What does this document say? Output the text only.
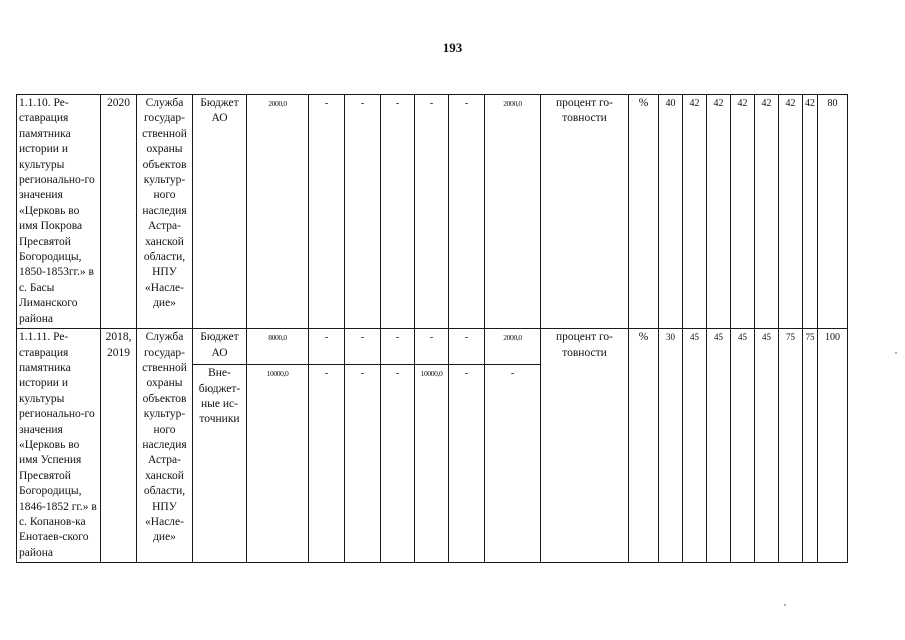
193
1.1.10. Ре-ставрация памятника истории и культуры регионально-го значения «Церковь во имя Покрова Пресвятой Богородицы, 1850-1853гг.» в с. Басы Лиманского района	2020	Служба государ-ственной охраны объектов культур-ного наследия Астра-ханской области, НПУ «Насле-дие»	Бюджет АО	2000,0	-	-	-	-	-	2000,0	процент го-товности	%	40	42	42	42	42	42	42	80
1.1.11. Ре-ставрация памятника истории и культуры регионально-го значения «Церковь во имя Успения Пресвятой Богородицы, 1846-1852 гг.» в с. Копанов-ка Енотаев-ского района	2018, 2019	Служба государ-ственной охраны объектов культур-ного наследия Астра-ханской области, НПУ «Насле-дие»	Бюджет АО	8000,0	-	-	-	-	-	2000,0	процент го-товности	%	30	45	45	45	45	75	75	100
			Вне-бюджет-ные ис-точники	10000,0	-	-	-	10000,0	-	-										
